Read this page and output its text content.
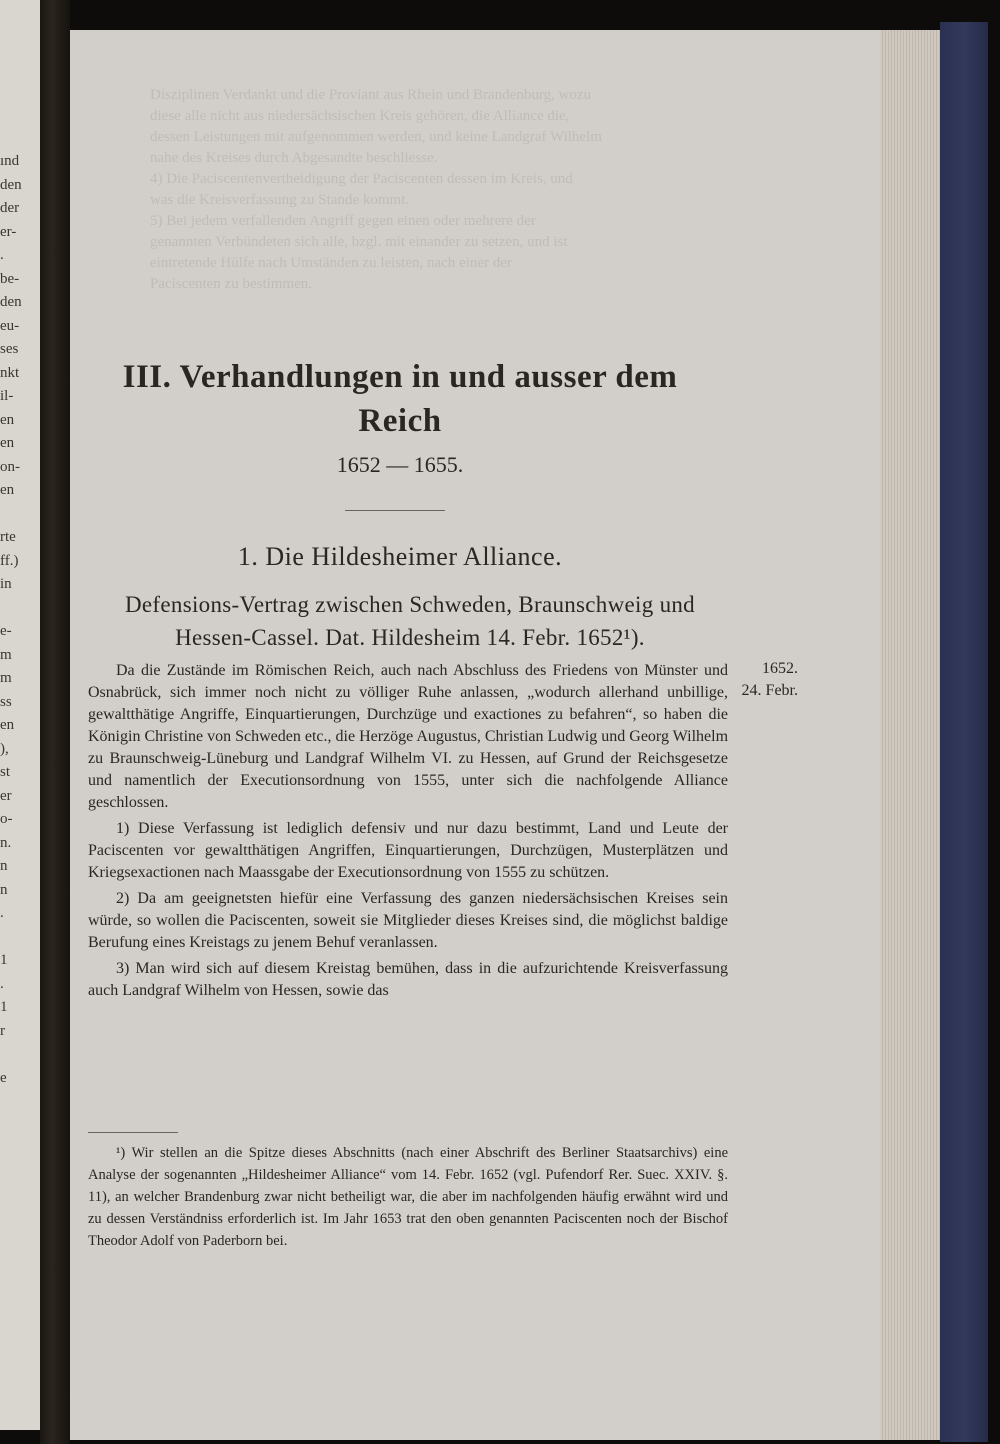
ınd
den
der
er-
.
be-
den
eu-
ses
nkt
il-
en
en
on-
en
rte
ff.)
in
e-
m
m
ss
en
),
st
er
o-
n.
n
n
.
1
.
1
r
e
Disziplinen Verdankt und die Proviant aus Rhein und Brandenburg, wozu
diese alle nicht aus niedersächsischen Kreis gehören, die Alliance die,
dessen Leistungen mit aufgenommen werden, und keine Landgraf Wilhelm
nahe des Kreises durch Abgesandte beschliesse.
4) Die Paciscentenvertheidigung der Paciscenten dessen im Kreis, und
was die Kreisverfassung zu Stande kommt.
5) Bei jedem verfallenden Angriff gegen einen oder mehrere der
genannten Verbündeten sich alle, bzgl. mit einander zu setzen, und ist
eintretende Hülfe nach Umständen zu leisten, nach einer der
Paciscenten zu bestimmen.
III. Verhandlungen in und ausser dem Reich
1652 — 1655.
1. Die Hildesheimer Alliance.
Defensions-Vertrag zwischen Schweden, Braunschweig und
Hessen-Cassel. Dat. Hildesheim 14. Febr. 1652¹).
1652.
24. Febr.

Da die Zustände im Römischen Reich, auch nach Abschluss des Friedens von Münster und Osnabrück, sich immer noch nicht zu völliger Ruhe anlassen, „wodurch allerhand unbillige, gewaltthätige Angriffe, Einquartierungen, Durchzüge und exactiones zu befahren“, so haben die Königin Christine von Schweden etc., die Herzöge Augustus, Christian Ludwig und Georg Wilhelm zu Braunschweig-Lüneburg und Landgraf Wilhelm VI. zu Hessen, auf Grund der Reichsgesetze und namentlich der Executionsordnung von 1555, unter sich die nachfolgende Alliance geschlossen.

1) Diese Verfassung ist lediglich defensiv und nur dazu bestimmt, Land und Leute der Paciscenten vor gewaltthätigen Angriffen, Einquartierungen, Durchzügen, Musterplätzen und Kriegsexactionen nach Maassgabe der Executionsordnung von 1555 zu schützen.

2) Da am geeignetsten hiefür eine Verfassung des ganzen niedersächsischen Kreises sein würde, so wollen die Paciscenten, soweit sie Mitglieder dieses Kreises sind, die möglichst baldige Berufung eines Kreistags zu jenem Behuf veranlassen.

3) Man wird sich auf diesem Kreistag bemühen, dass in die aufzurichtende Kreisverfassung auch Landgraf Wilhelm von Hessen, sowie das

¹) Wir stellen an die Spitze dieses Abschnitts (nach einer Abschrift des Berliner Staatsarchivs) eine Analyse der sogenannten „Hildesheimer Alliance“ vom 14. Febr. 1652 (vgl. Pufendorf Rer. Suec. XXIV. §. 11), an welcher Brandenburg zwar nicht betheiligt war, die aber im nachfolgenden häufig erwähnt wird und zu dessen Verständniss erforderlich ist. Im Jahr 1653 trat den oben genannten Paciscenten noch der Bischof Theodor Adolf von Paderborn bei.
